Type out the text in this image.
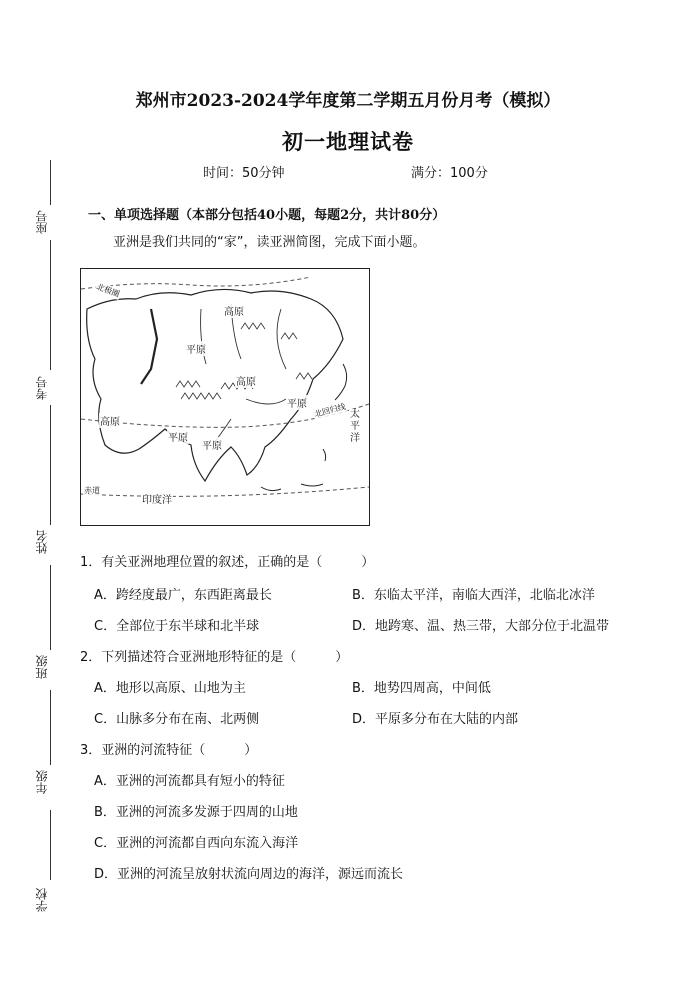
座号
考号
姓名
班级
年级
学校
郑州市2023-2024学年度第二学期五月份月考（模拟）
初一地理试卷
时间：50分钟	满分：100分
一、单项选择题（本部分包括40小题，每题2分，共计80分）
亚洲是我们共同的“家”，读亚洲简图，完成下面小题。
北极圈
高原
平原
高原
平原
高原
平原
平原
北回归线 太平洋
印度洋
赤道
1．有关亚洲地理位置的叙述，正确的是（　　　）
A．跨经度最广，东西距离最长	B．东临太平洋，南临大西洋，北临北冰洋
C．全部位于东半球和北半球	D．地跨寒、温、热三带，大部分位于北温带
2．下列描述符合亚洲地形特征的是（　　　）
A．地形以高原、山地为主	B．地势四周高，中间低
C．山脉多分布在南、北两侧	D．平原多分布在大陆的内部
3．亚洲的河流特征（　　　）
A．亚洲的河流都具有短小的特征
B．亚洲的河流多发源于四周的山地
C．亚洲的河流都自西向东流入海洋
D．亚洲的河流呈放射状流向周边的海洋，源远而流长
